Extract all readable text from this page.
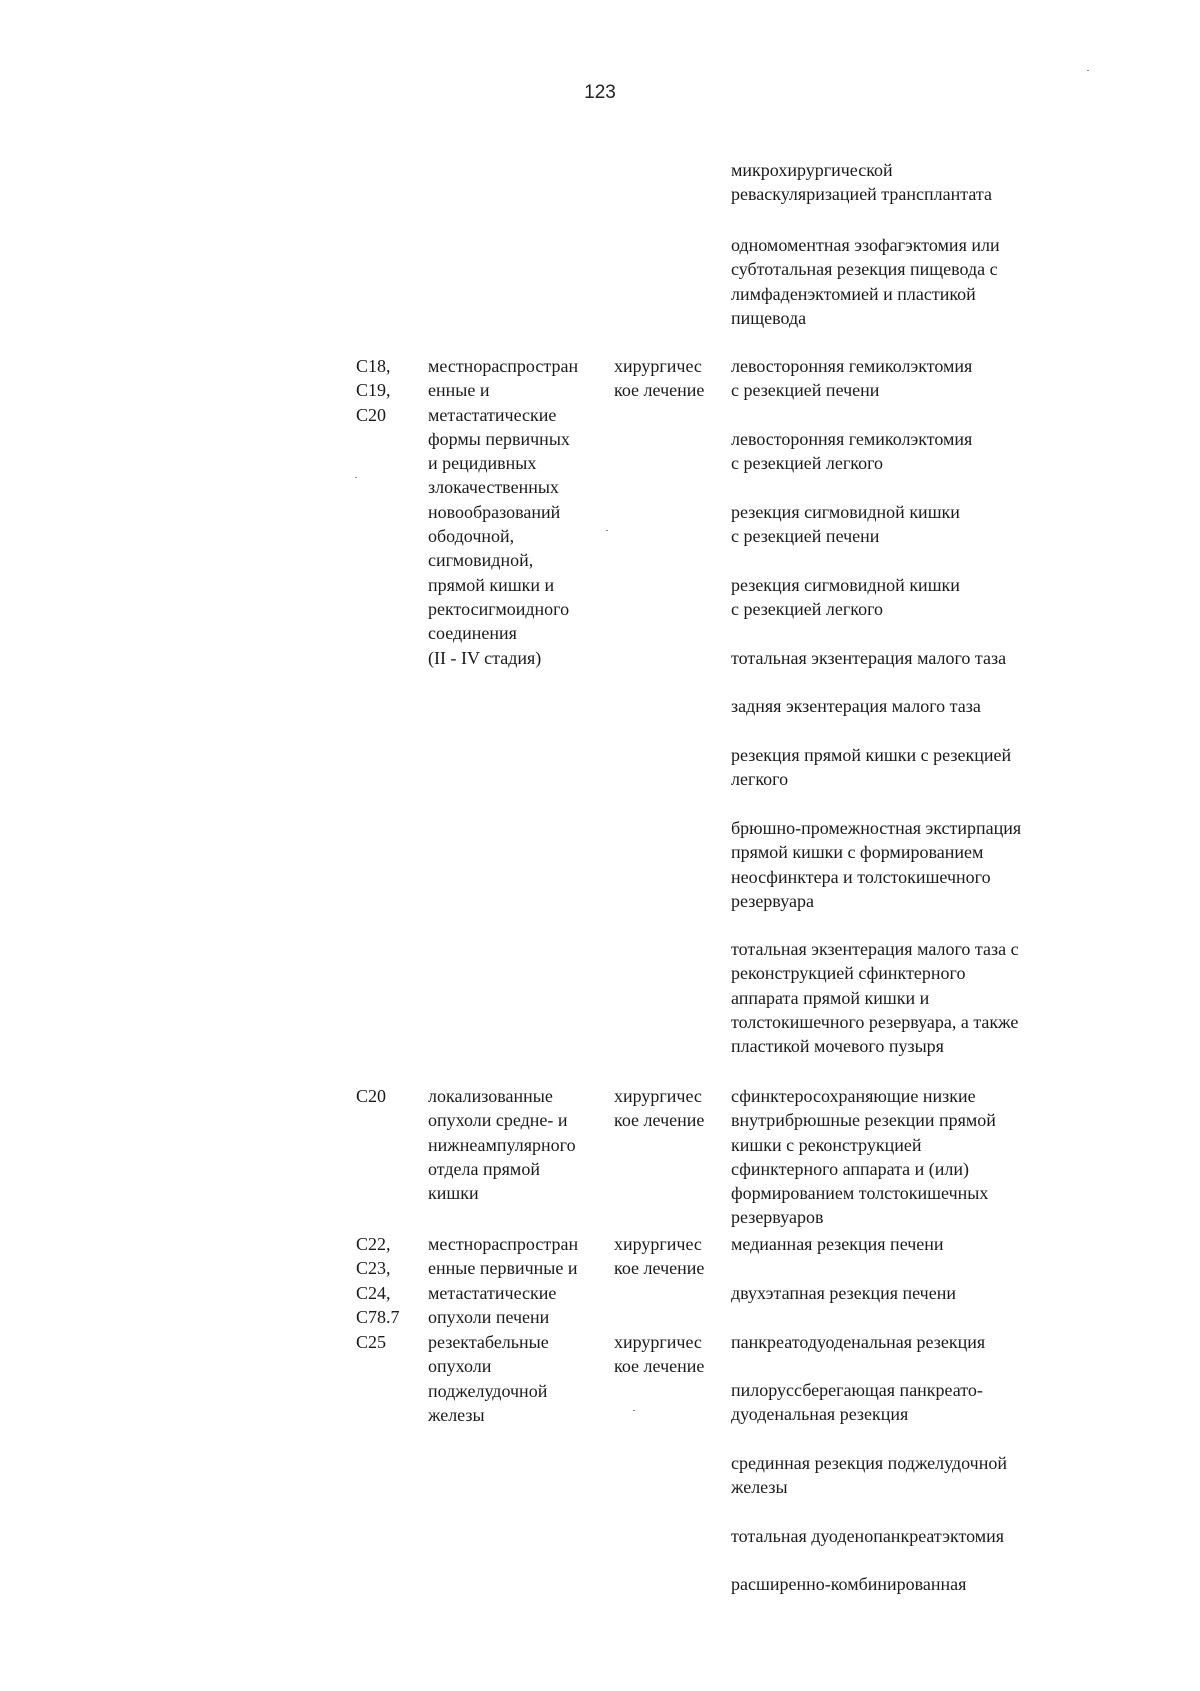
123
микрохирургической
реваскуляризацией трансплантата
одномоментная эзофагэктомия или
субтотальная резекция пищевода с
лимфаденэктомией и пластикой
пищевода
C18,
C19,
C20
местнораспростран
енные и
метастатические
формы первичных
и рецидивных
злокачественных
новообразований
ободочной,
сигмовидной,
прямой кишки и
ректосигмоидного
соединения
(II - IV стадия)
хирургичес
кое лечение
левосторонняя гемиколэктомия
с резекцией печени
левосторонняя гемиколэктомия
с резекцией легкого
резекция сигмовидной кишки
с резекцией печени
резекция сигмовидной кишки
с резекцией легкого
тотальная экзентерация малого таза
задняя экзентерация малого таза
резекция прямой кишки с резекцией
легкого
брюшно-промежностная экстирпация
прямой кишки с формированием
неосфинктера и толстокишечного
резервуара
тотальная экзентерация малого таза с
реконструкцией сфинктерного
аппарата прямой кишки и
толстокишечного резервуара, а также
пластикой мочевого пузыря
C20 локализованные
опухоли средне- и
нижнеампулярного
отдела прямой
кишки
хирургичес
кое лечение
сфинктеросохраняющие низкие
внутрибрюшные резекции прямой
кишки с реконструкцией
сфинктерного аппарата и (или)
формированием толстокишечных
резервуаров
C22,
C23,
C24,
C78.7
местнораспростран
енные первичные и
метастатические
опухоли печени
хирургичес
кое лечение
медианная резекция печени
двухэтапная резекция печени
C25 резектабельные
опухоли
поджелудочной
железы
хирургичес
кое лечение
панкреатодуоденальная резекция
пилоруссберегающая панкреато-
дуоденальная резекция
срединная резекция поджелудочной
железы
тотальная дуоденопанкреатэктомия
расширенно-комбинированная
